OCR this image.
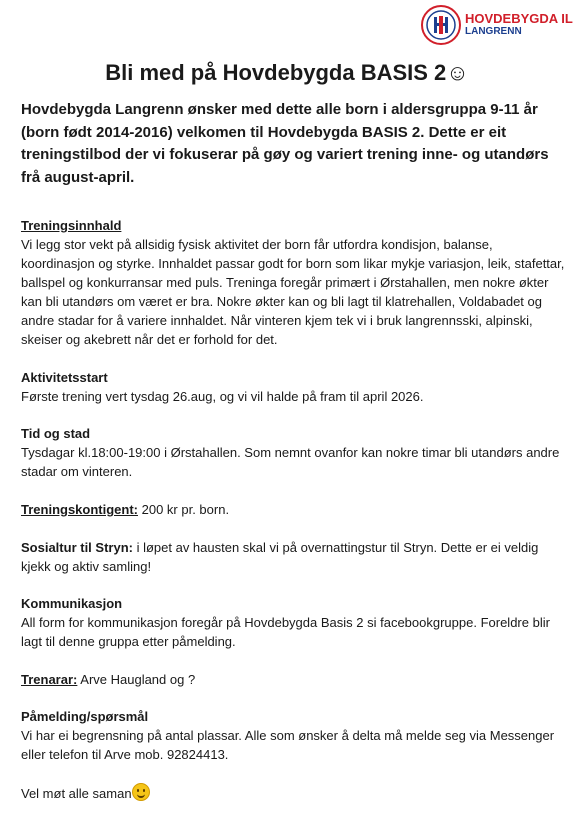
HOVDEBYGDA IL
LANGRENN
Bli med på Hovdebygda BASIS 2☺

Hovdebygda Langrenn ønsker med dette alle born i aldersgruppa 9-11 år (born født 2014-2016) velkomen til Hovdebygda BASIS 2. Dette er eit treningstilbod der vi fokuserar på gøy og variert trening inne- og utandørs frå august-april.

Treningsinnhald
Vi legg stor vekt på allsidig fysisk aktivitet der born får utfordra kondisjon, balanse, koordinasjon og styrke. Innhaldet passar godt for born som likar mykje variasjon, leik, stafettar, ballspel og konkurransar med puls. Treninga foregår primært i Ørstahallen, men nokre økter kan bli utandørs om været er bra. Nokre økter kan og bli lagt til klatrehallen, Voldabadet og andre stadar for å variere innhaldet. Når vinteren kjem tek vi i bruk langrennsski, alpinski, skeiser og akebrett når det er forhold for det.

Aktivitetsstart
Første trening vert tysdag 26.aug, og vi vil halde på fram til april 2026.

Tid og stad
Tysdagar kl.18:00-19:00 i Ørstahallen. Som nemnt ovanfor kan nokre timar bli utandørs andre stadar om vinteren.

Treningskontigent: 200 kr pr. born.

Sosialtur til Stryn: i løpet av hausten skal vi på overnattingstur til Stryn. Dette er ei veldig kjekk og aktiv samling!

Kommunikasjon
All form for kommunikasjon foregår på Hovdebygda Basis 2 si facebookgruppe. Foreldre blir lagt til denne gruppa etter påmelding.

Trenarar: Arve Haugland og ?

Påmelding/spørsmål
Vi har ei begrensning på antal plassar. Alle som ønsker å delta må melde seg via Messenger eller telefon til Arve mob. 92824413.

Vel møt alle saman
